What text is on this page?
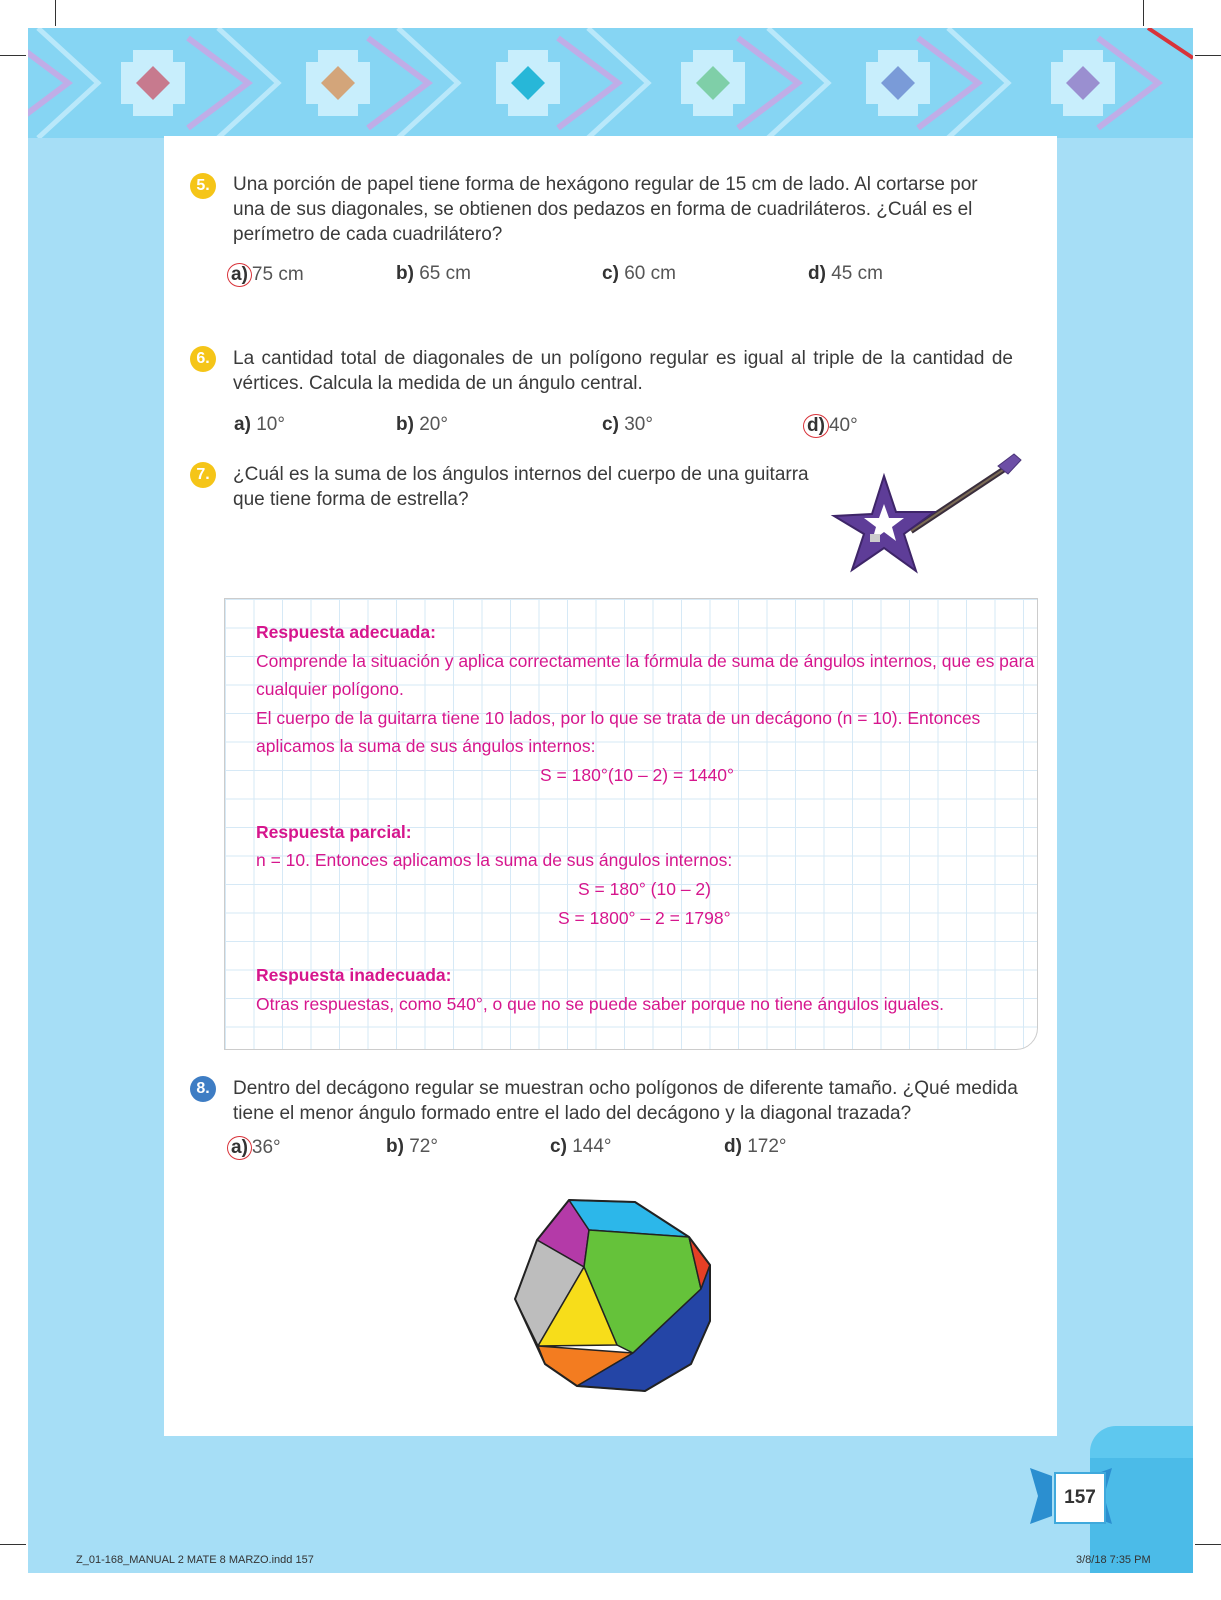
5.	Una porción de papel tiene forma de hexágono regular de 15 cm de lado. Al cortarse por una de sus diagonales, se obtienen dos pedazos en forma de cuadriláteros. ¿Cuál es el perímetro de cada cuadrilátero?
a) 75 cm	b) 65 cm	c) 60 cm	d) 45 cm
6.	La cantidad total de diagonales de un polígono regular es igual al triple de la cantidad de vértices. Calcula la medida de un ángulo central.
a) 10°	b) 20°	c) 30°	d) 40°
7.	¿Cuál es la suma de los ángulos internos del cuerpo de una guitarra que tiene forma de estrella?
Respuesta adecuada:
Comprende la situación y aplica correctamente la fórmula de suma de ángulos internos, que es para
cualquier polígono.
El cuerpo de la guitarra tiene 10 lados, por lo que se trata de un decágono (n = 10). Entonces
aplicamos la suma de sus ángulos internos:
S = 180°(10 – 2) = 1440°
Respuesta parcial:
n = 10. Entonces aplicamos la suma de sus ángulos internos:
S = 180° (10 – 2)
S = 1800° – 2 = 1798°
Respuesta inadecuada:
Otras respuestas, como 540°, o que no se puede saber porque no tiene ángulos iguales.
8.	Dentro del decágono regular se muestran ocho polígonos de diferente tamaño. ¿Qué medida tiene el menor ángulo formado entre el lado del decágono y la diagonal trazada?
a) 36°	b) 72°	c) 144°	d) 172°
157
Z_01-168_MANUAL 2 MATE 8 MARZO.indd 157	3/8/18 7:35 PM
